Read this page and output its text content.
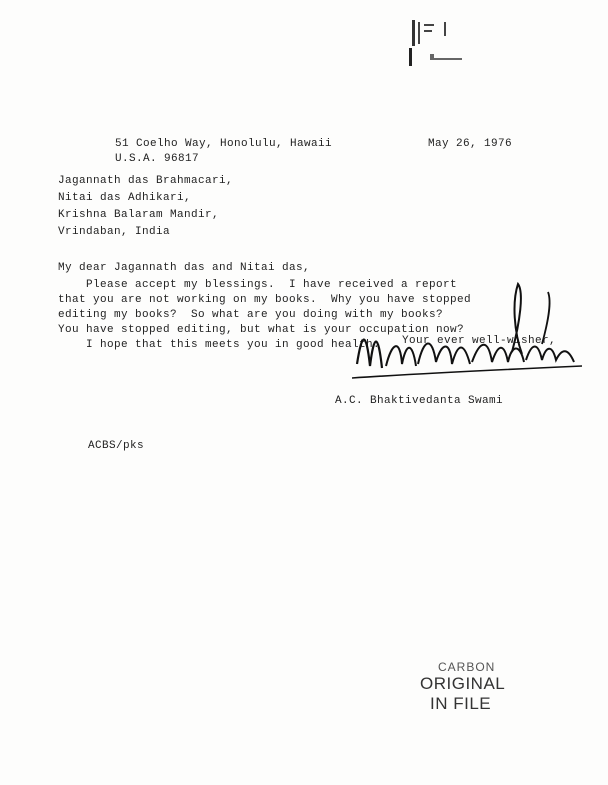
51 Coelho Way, Honolulu, Hawaii
U.S.A. 96817
May 26, 1976
Jagannath das Brahmacari,
Nitai das Adhikari,
Krishna Balaram Mandir,
Vrindaban, India
My dear Jagannath das and Nitai das,
Please accept my blessings.  I have received a report
that you are not working on my books.  Why you have stopped
editing my books?  So what are you doing with my books?
You have stopped editing, but what is your occupation now?
I hope that this meets you in good health. Your ever well-wisher,
A.C. Bhaktivedanta Swami
ACBS/pks
CARBON
ORIGINAL
IN FILE
